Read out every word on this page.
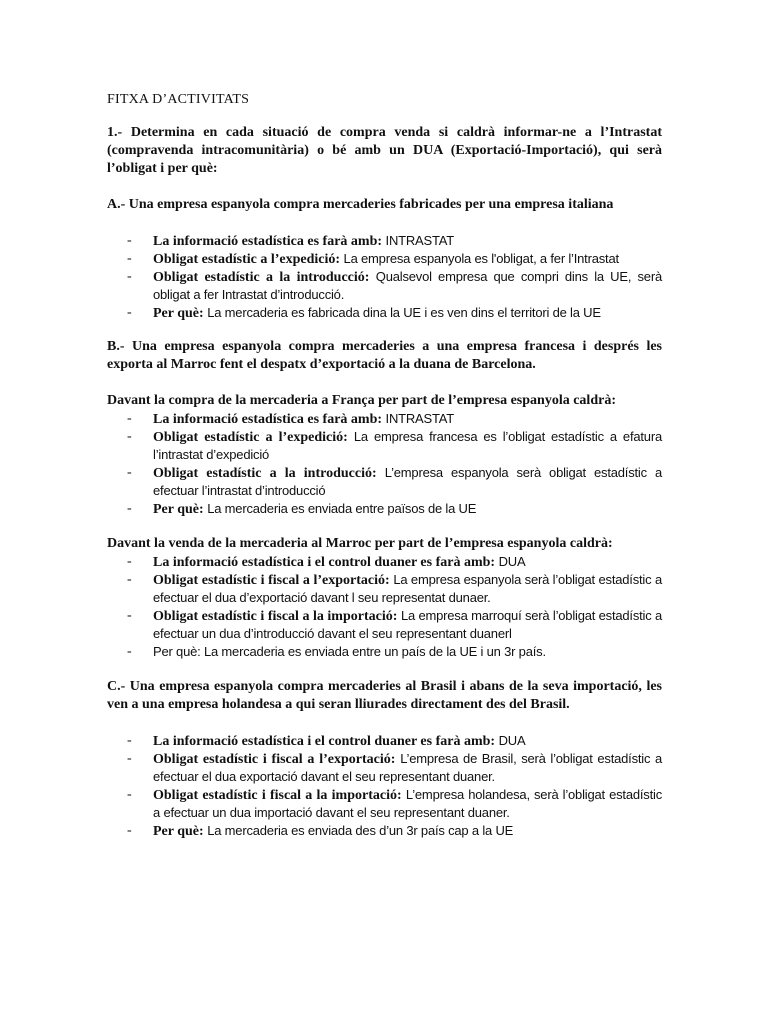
FITXA D’ACTIVITATS

1.- Determina en cada situació de compra venda si caldrà informar-ne a l’Intrastat (compravenda intracomunitària) o bé amb un DUA (Exportació-Importació), qui serà l’obligat i per què:

A.- Una empresa espanyola compra mercaderies fabricades per una empresa italiana

- La informació estadística es farà amb: INTRASTAT
- Obligat estadístic a l’expedició: La empresa espanyola es l'obligat, a fer l’Intrastat
- Obligat estadístic a la introducció: Qualsevol empresa que compri dins la UE, serà obligat a fer Intrastat d’introducció.
- Per què: La mercaderia es fabricada dina la UE i es ven dins el territori de la UE

B.- Una empresa espanyola compra mercaderies a una empresa francesa i després les exporta al Marroc fent el despatx d’exportació a la duana de Barcelona.

Davant la compra de la mercaderia a França per part de l’empresa espanyola caldrà:

- La informació estadística es farà amb: INTRASTAT
- Obligat estadístic a l’expedició: La empresa francesa es l’obligat estadístic a efatura l’intrastat d’expedició
- Obligat estadístic a la introducció: L’empresa espanyola serà obligat estadístic a efectuar l’intrastat d’introducció
- Per què: La mercaderia es enviada entre països de la UE

Davant la venda de la mercaderia al Marroc per part de l’empresa espanyola caldrà:

- La informació estadística i el control duaner es farà amb: DUA
- Obligat estadístic i fiscal a l’exportació: La empresa espanyola serà l’obligat estadístic a efectuar el dua d’exportació davant l seu representat dunaer.
- Obligat estadístic i fiscal a la importació: La empresa marroquí serà l’obligat estadístic a efectuar un dua d’introducció davant el seu representant duanerl
- Per què: La mercaderia es enviada entre un país de la UE i un 3r país.

C.- Una empresa espanyola compra mercaderies al Brasil i abans de la seva importació, les ven a una empresa holandesa a qui seran lliurades directament des del Brasil.

- La informació estadística i el control duaner es farà amb: DUA
- Obligat estadístic i fiscal a l’exportació: L’empresa de Brasil, serà l’obligat estadístic a efectuar el dua exportació davant el seu representant duaner.
- Obligat estadístic i fiscal a la importació: L’empresa holandesa, serà l’obligat estadístic a efectuar un dua importació davant el seu representant duaner.
- Per què: La mercaderia es enviada des d’un 3r país cap a la UE
